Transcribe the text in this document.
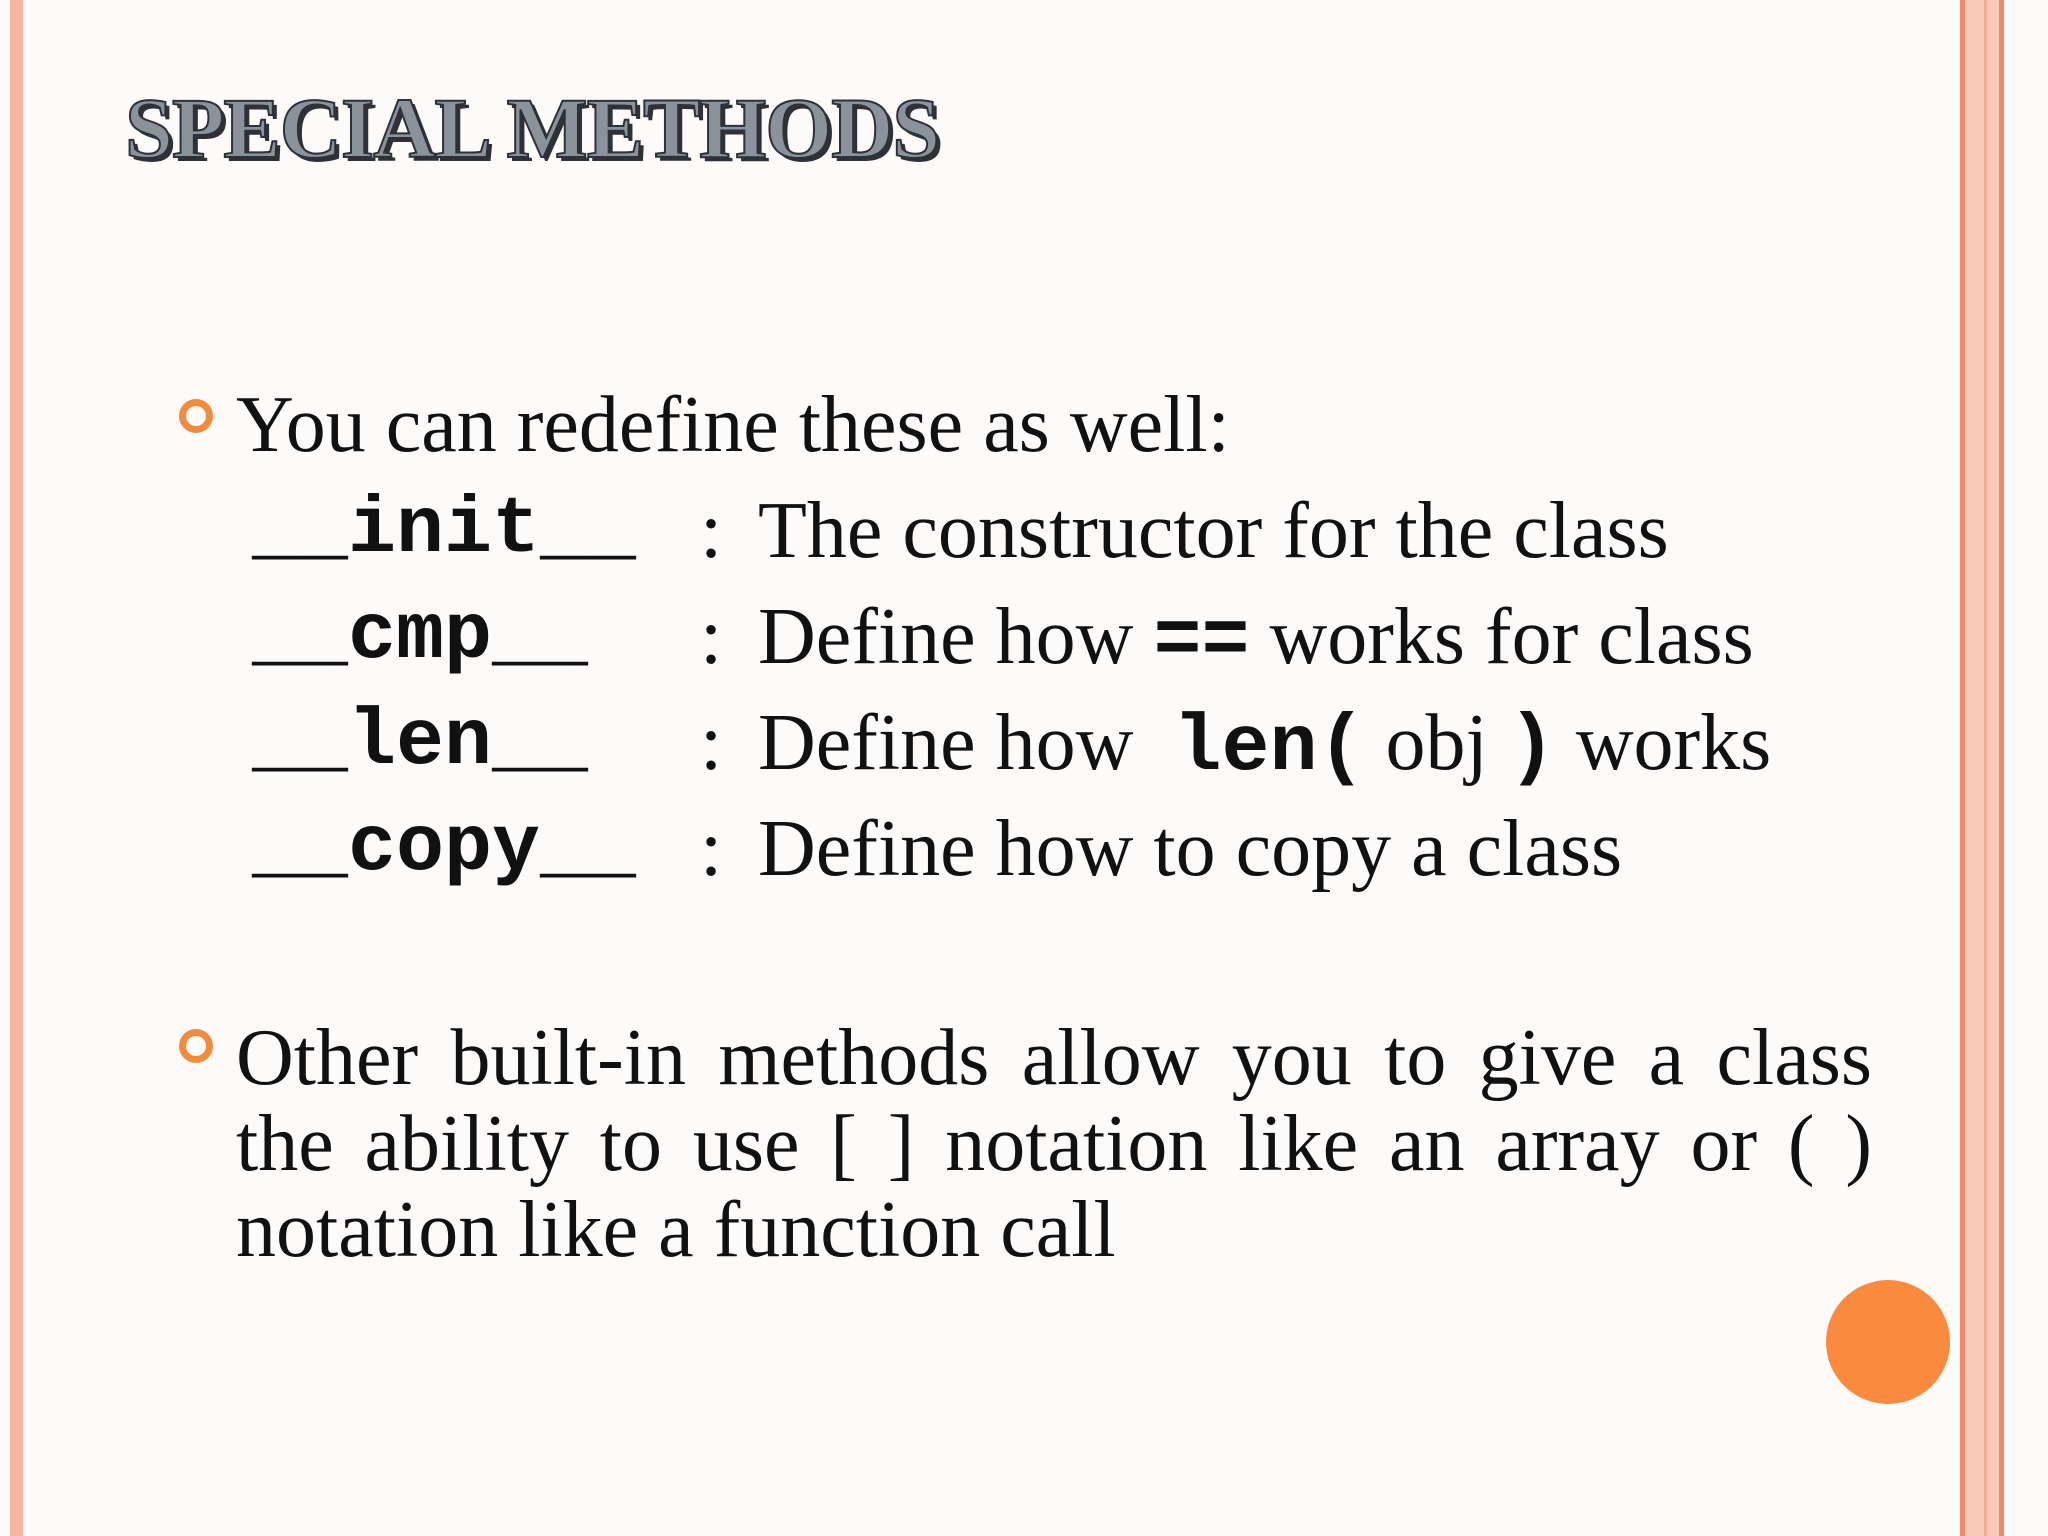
SPECIAL METHODS
You can redefine these as well:
__init__ : The constructor for the class
__cmp__ : Define how == works for class
__len__ : Define how  len( obj ) works
__copy__ : Define how to copy a class

Other built-in methods allow you to give a class the ability to use [ ] notation like an array or ( ) notation like a function call
